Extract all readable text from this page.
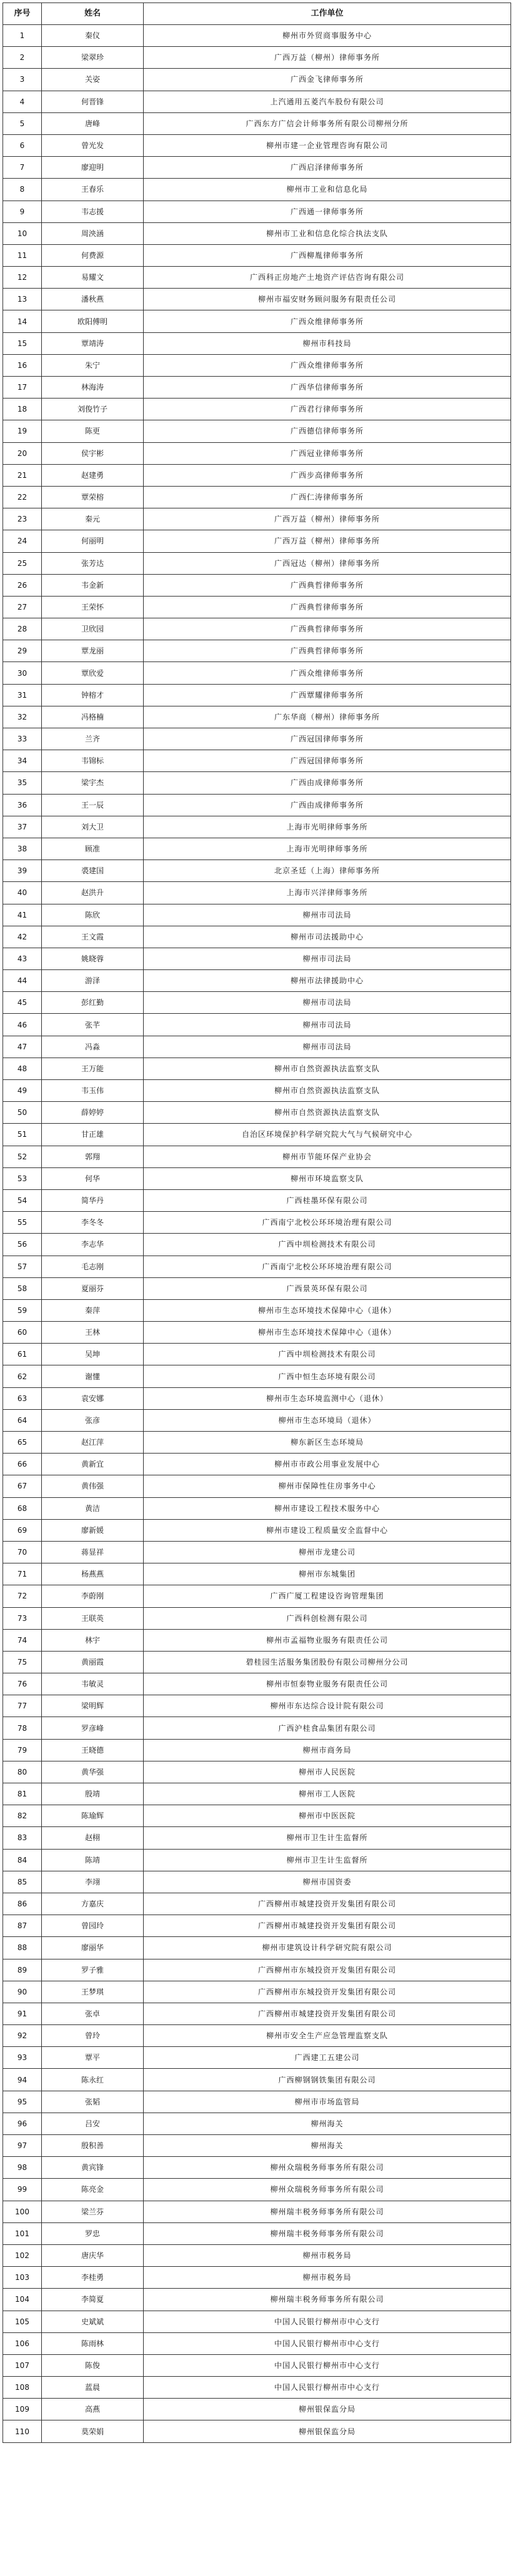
序号	姓名	工作单位
1	秦仪	柳州市外贸商事服务中心
2	梁翠珍	广西万益（柳州）律师事务所
3	关姿	广西金飞律师事务所
4	何晋锋	上汽通用五菱汽车股份有限公司
5	唐峰	广西东方广信会计师事务所有限公司柳州分所
6	曾光发	柳州市建一企业管理咨询有限公司
7	廖迎明	广西启泽律师事务所
8	王春乐	柳州市工业和信息化局
9	韦志援	广西通一律师事务所
10	周泱涵	柳州市工业和信息化综合执法支队
11	何费源	广西柳胤律师事务所
12	易耀文	广西科正房地产土地资产评估咨询有限公司
13	潘秋燕	柳州市福安财务顾问服务有限责任公司
14	欧阳傅明	广西众维律师事务所
15	覃靖涛	柳州市科技局
16	朱宁	广西众维律师事务所
17	林海涛	广西华信律师事务所
18	刘俊竹子	广西君行律师事务所
19	陈更	广西德信律师事务所
20	侯宇彬	广西冠业律师事务所
21	赵建勇	广西步高律师事务所
22	覃荣榕	广西仁涛律师事务所
23	秦元	广西万益（柳州）律师事务所
24	何丽明	广西万益（柳州）律师事务所
25	张芳达	广西冠达（柳州）律师事务所
26	韦金新	广西典哲律师事务所
27	王荣怀	广西典哲律师事务所
28	卫欣园	广西典哲律师事务所
29	覃龙丽	广西典哲律师事务所
30	覃欣爱	广西众维律师事务所
31	钟榕才	广西覃耀律师事务所
32	冯格楠	广东华商（柳州）律师事务所
33	兰齐	广西冠国律师事务所
34	韦锦标	广西冠国律师事务所
35	梁宇杰	广西由成律师事务所
36	王一辰	广西由成律师事务所
37	刘大卫	上海市光明律师事务所
38	顾准	上海市光明律师事务所
39	裘建国	北京圣廷（上海）律师事务所
40	赵洪升	上海市兴洋律师事务所
41	陈欣	柳州市司法局
42	王文霞	柳州市司法援助中心
43	姚晓蓉	柳州市司法局
44	游泽	柳州市法律援助中心
45	彭红勤	柳州市司法局
46	张芊	柳州市司法局
47	冯淼	柳州市司法局
48	王万能	柳州市自然资源执法监察支队
49	韦玉伟	柳州市自然资源执法监察支队
50	薛婷婷	柳州市自然资源执法监察支队
51	甘正雄	自治区环境保护科学研究院大气与气候研究中心
52	郭翔	柳州市节能环保产业协会
53	何华	柳州市环境监察支队
54	简华丹	广西桂墨环保有限公司
55	李冬冬	广西南宁北校公环环境治理有限公司
56	李志华	广西中圳检测技术有限公司
57	毛志刚	广西南宁北校公环环境治理有限公司
58	夏丽芬	广西景英环保有限公司
59	秦萍	柳州市生态环境技术保障中心（退休）
60	王林	柳州市生态环境技术保障中心（退休）
61	吴坤	广西中圳检测技术有限公司
62	谢懂	广西中恒生态环境有限公司
63	袁安娜	柳州市生态环境监测中心（退休）
64	张彦	柳州市生态环境局（退休）
65	赵江萍	柳东新区生态环境局
66	黄新宜	柳州市市政公用事业发展中心
67	黄伟强	柳州市保障性住房事务中心
68	黄洁	柳州市建设工程技术服务中心
69	廖新媛	柳州市建设工程质量安全监督中心
70	蒋显祥	柳州市龙建公司
71	杨燕燕	柳州市东城集团
72	李蔚刚	广西广厦工程建设咨询管理集团
73	王联英	广西科创检测有限公司
74	林宇	柳州市孟福物业服务有限责任公司
75	黄丽霞	碧桂园生活服务集团股份有限公司柳州分公司
76	韦敏灵	柳州市恒泰物业服务有限责任公司
77	梁明辉	柳州市东达综合设计院有限公司
78	罗彦峰	广西沪桂食品集团有限公司
79	王晓德	柳州市商务局
80	黄华强	柳州市人民医院
81	殷靖	柳州市工人医院
82	陈瑜辉	柳州市中医医院
83	赵栩	柳州市卫生计生监督所
84	陈靖	柳州市卫生计生监督所
85	李翊	柳州市国资委
86	方嘉庆	广西柳州市城建投资开发集团有限公司
87	曾园玲	广西柳州市城建投资开发集团有限公司
88	廖丽华	柳州市建筑设计科学研究院有限公司
89	罗子雅	广西柳州市东城投资开发集团有限公司
90	王梦琪	广西柳州市东城投资开发集团有限公司
91	张卓	广西柳州市城建投资开发集团有限公司
92	曾玲	柳州市安全生产应急管理监察支队
93	覃平	广西建工五建公司
94	陈永红	广西柳钢钢铁集团有限公司
95	张韬	柳州市市场监管局
96	吕安	柳州海关
97	殷积善	柳州海关
98	黄宾锋	柳州众瑞税务师事务所有限公司
99	陈亮金	柳州众瑞税务师事务所有限公司
100	梁兰芬	柳州瑞丰税务师事务所有限公司
101	罗忠	柳州瑞丰税务师事务所有限公司
102	唐庆华	柳州市税务局
103	李桂勇	柳州市税务局
104	李简夏	柳州瑞丰税务师事务所有限公司
105	史斌斌	中国人民银行柳州市中心支行
106	陈雨林	中国人民银行柳州市中心支行
107	陈俊	中国人民银行柳州市中心支行
108	蓝晨	中国人民银行柳州市中心支行
109	高燕	柳州银保监分局
110	莫荣娟	柳州银保监分局
